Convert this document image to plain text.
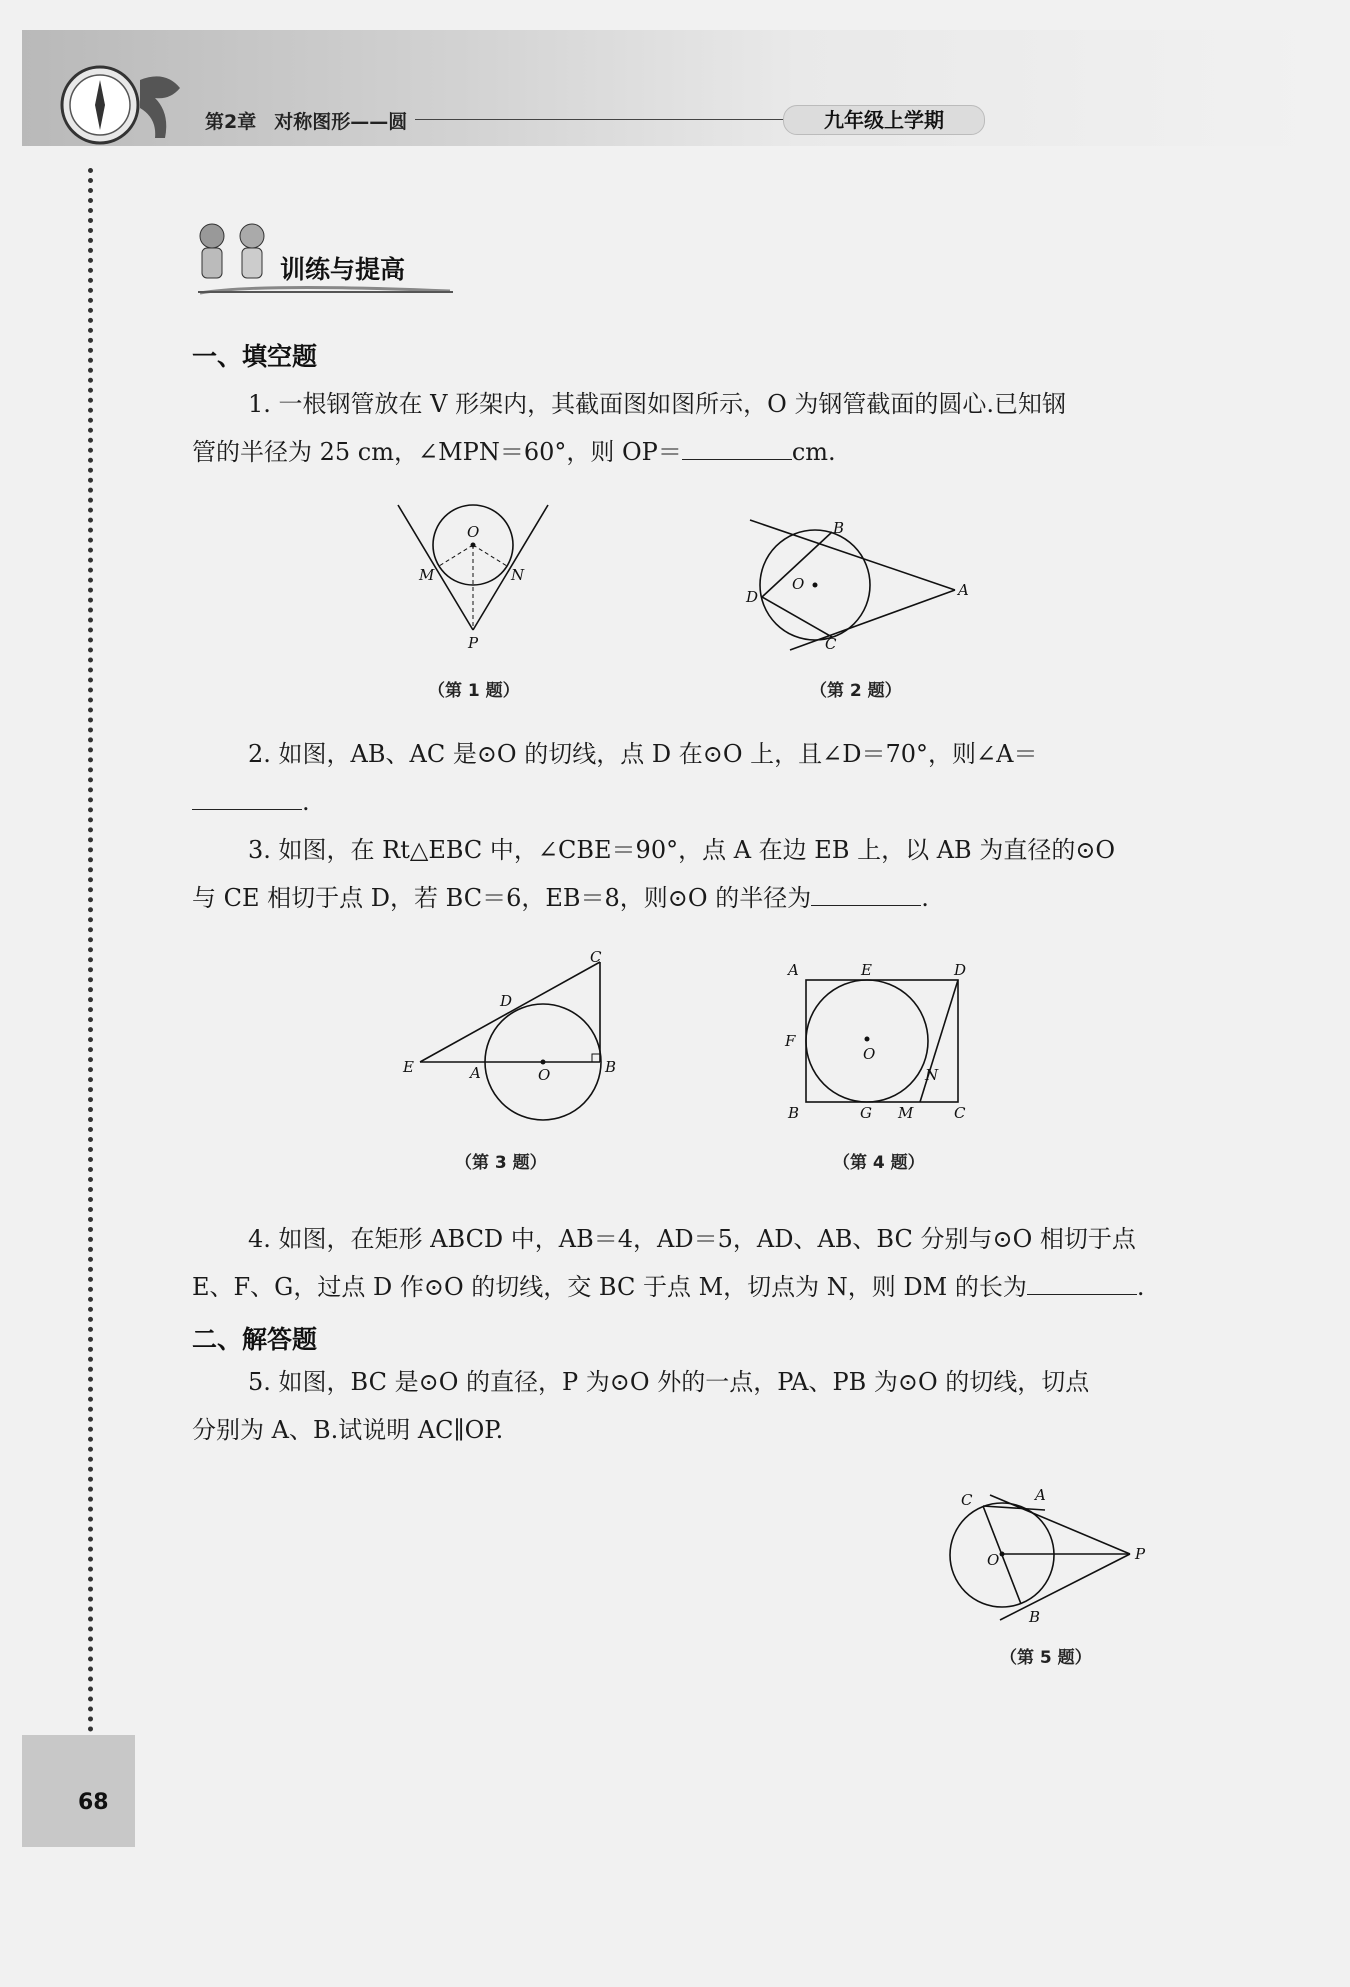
第2章 对称图形——圆	九年级上学期
68
训练与提高
一、填空题
1. 一根钢管放在 V 形架内，其截面图如图所示，O 为钢管截面的圆心.已知钢
管的半径为 25 cm，∠MPN＝60°，则 OP＝	cm.
O
M	N
P
（第 1 题）
B
O
D	A
C
（第 2 题）
2. 如图，AB、AC 是⊙O 的切线，点 D 在⊙O 上，且∠D＝70°，则∠A＝
.
3. 如图，在 Rt△EBC 中，∠CBE＝90°，点 A 在边 EB 上，以 AB 为直径的⊙O
与 CE 相切于点 D，若 BC＝6，EB＝8，则⊙O 的半径为	.
C
D
E	A	O	B
（第 3 题）
A	E	D
F
O
N
B	G M	C
（第 4 题）
4. 如图，在矩形 ABCD 中，AB＝4，AD＝5，AD、AB、BC 分别与⊙O 相切于点
E、F、G，过点 D 作⊙O 的切线，交 BC 于点 M，切点为 N，则 DM 的长为	.
二、解答题
5. 如图，BC 是⊙O 的直径，P 为⊙O 外的一点，PA、PB 为⊙O 的切线，切点
分别为 A、B.试说明 AC∥OP.
C	A
O	P
B
（第 5 题）
